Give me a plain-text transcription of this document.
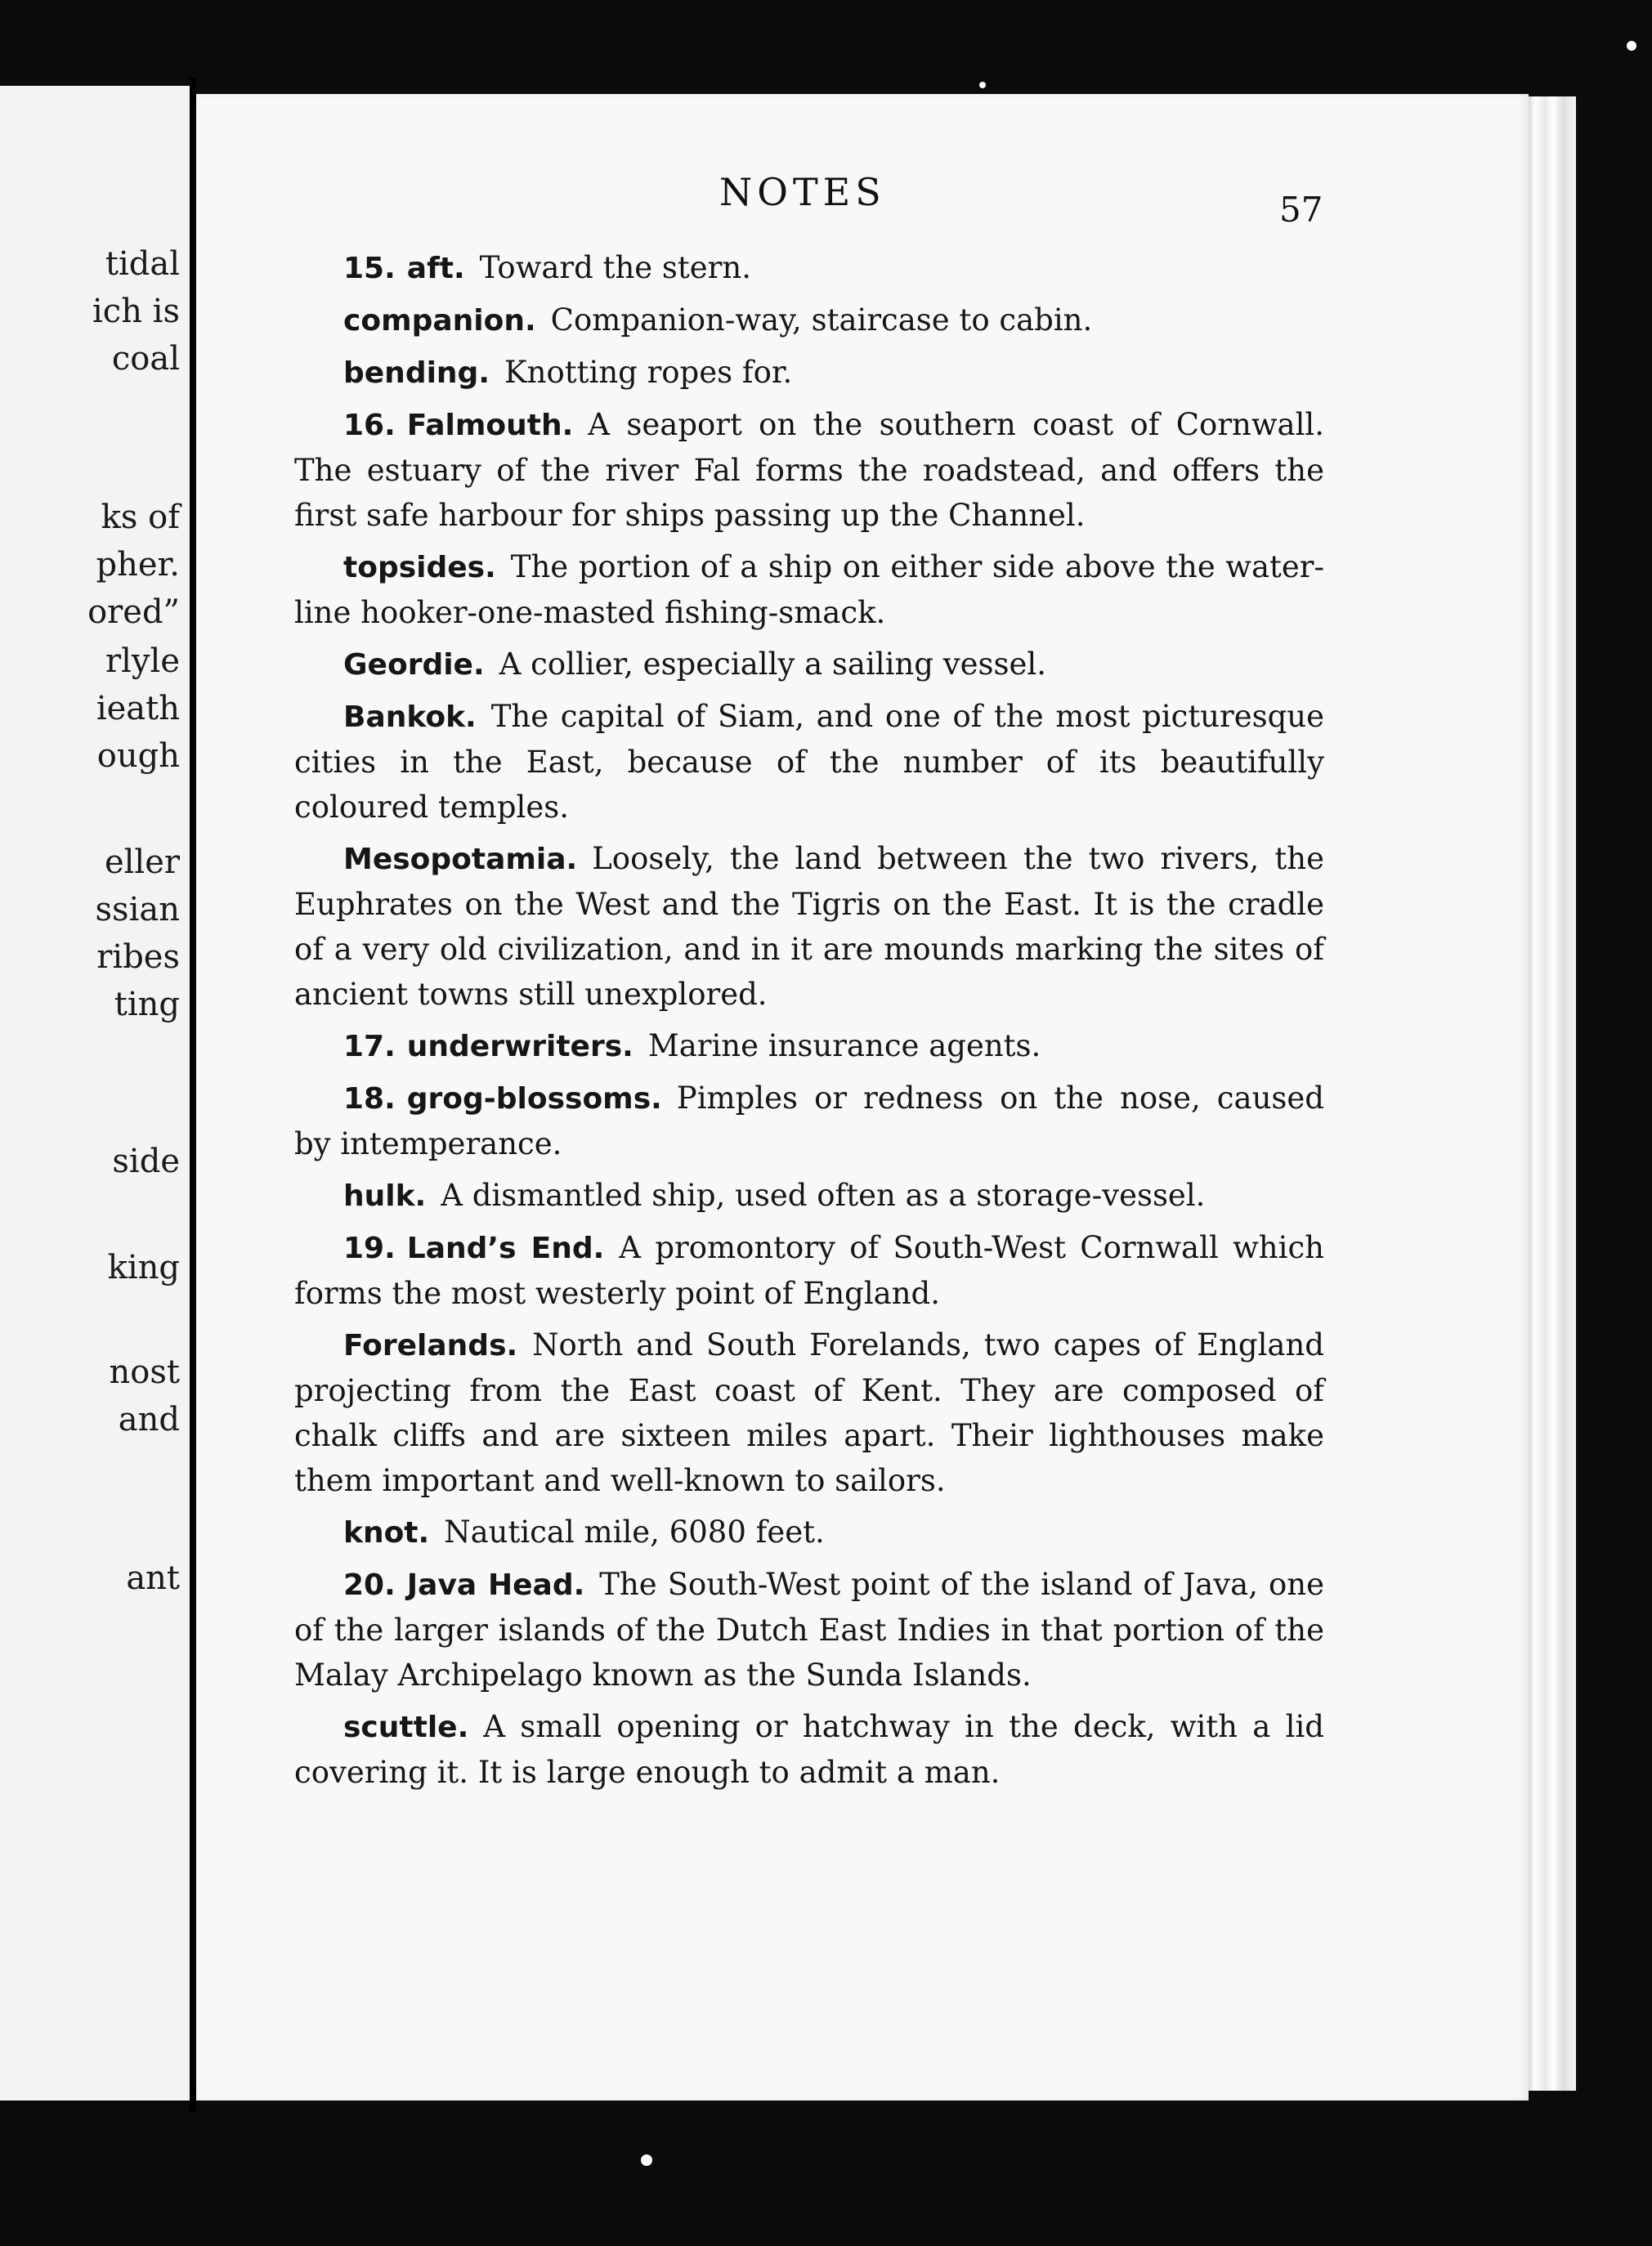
tidal
ich is
coal
ks of
pher.
ored”
rlyle
ieath
ough
eller
ssian
ribes
ting
side
king
nost
and
ant
NOTES	57

15. aft. Toward the stern.

companion. Companion-way, staircase to cabin.

bending. Knotting ropes for.

16. Falmouth. A seaport on the southern coast of Cornwall. The estuary of the river Fal forms the roadstead, and offers the first safe harbour for ships passing up the Channel.

topsides. The portion of a ship on either side above the water-line hooker-one-masted fishing-smack.

Geordie. A collier, especially a sailing vessel.

Bankok. The capital of Siam, and one of the most picturesque cities in the East, because of the number of its beautifully coloured temples.

Mesopotamia. Loosely, the land between the two rivers, the Euphrates on the West and the Tigris on the East. It is the cradle of a very old civilization, and in it are mounds marking the sites of ancient towns still unexplored.

17. underwriters. Marine insurance agents.

18. grog-blossoms. Pimples or redness on the nose, caused by intemperance.

hulk. A dismantled ship, used often as a storage-vessel.

19. Land’s End. A promontory of South-West Cornwall which forms the most westerly point of England.

Forelands. North and South Forelands, two capes of England projecting from the East coast of Kent. They are composed of chalk cliffs and are sixteen miles apart. Their lighthouses make them important and well-known to sailors.

knot. Nautical mile, 6080 feet.

20. Java Head. The South-West point of the island of Java, one of the larger islands of the Dutch East Indies in that portion of the Malay Archipelago known as the Sunda Islands.

scuttle. A small opening or hatchway in the deck, with a lid covering it. It is large enough to admit a man.
